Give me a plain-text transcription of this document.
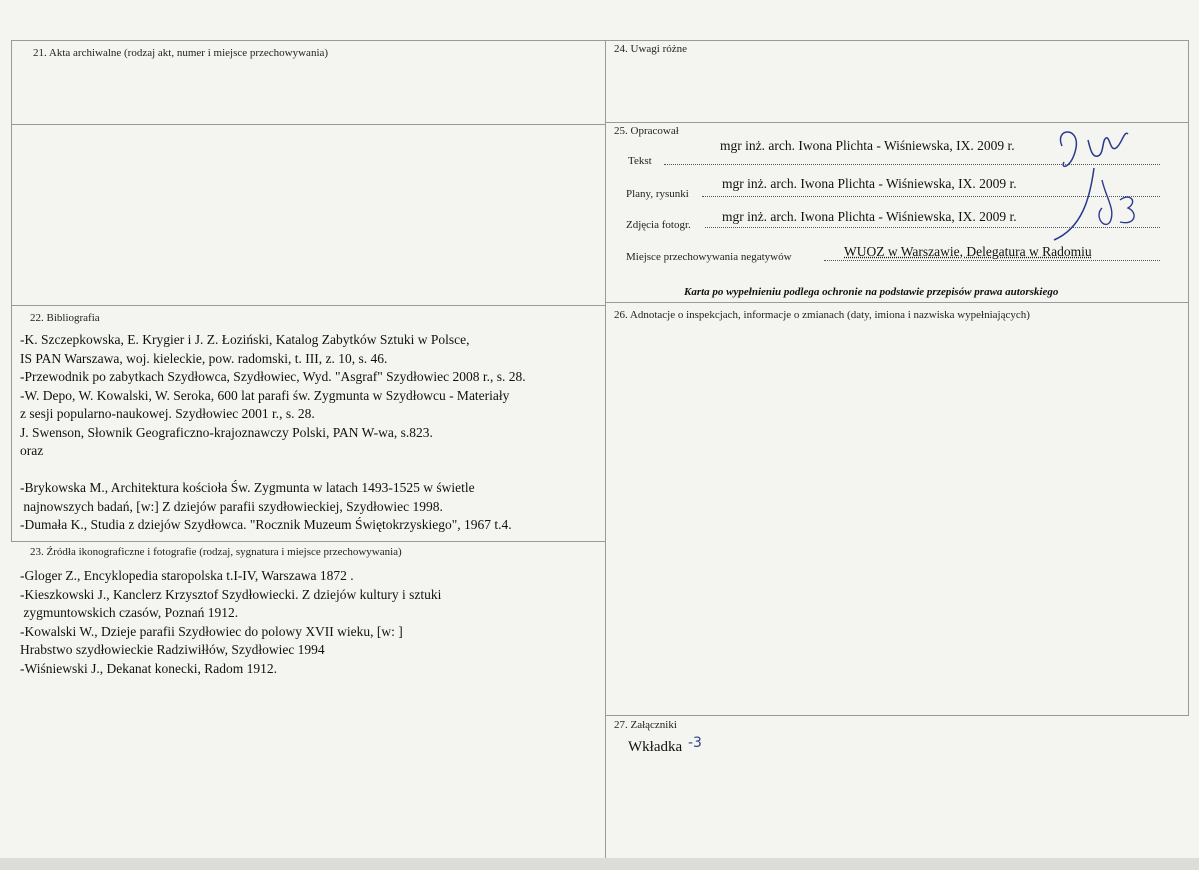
21. Akta archiwalne (rodzaj akt, numer i miejsce przechowywania)	24. Uwagi różne
25. Opracował
Tekst
mgr inż. arch. Iwona Plichta - Wiśniewska, IX. 2009 r.
Plany, rysunki
mgr inż. arch. Iwona Plichta - Wiśniewska, IX. 2009 r.
Zdjęcia fotogr.
mgr inż. arch. Iwona Plichta - Wiśniewska, IX. 2009 r.
Miejsce przechowywania negatywów	WUOZ w Warszawie, Delegatura w Radomiu
Karta po wypełnieniu podlega ochronie na podstawie przepisów prawa autorskiego
22. Bibliografia
-K. Szczepkowska, E. Krygier i J. Z. Łoziński, Katalog Zabytków Sztuki w Polsce,
IS PAN Warszawa, woj. kieleckie, pow. radomski, t. III, z. 10, s. 46.
-Przewodnik po zabytkach Szydłowca, Szydłowiec, Wyd. "Asgraf" Szydłowiec 2008 r., s. 28.
-W. Depo, W. Kowalski, W. Seroka, 600 lat parafi św. Zygmunta w Szydłowcu - Materiały
z sesji popularno-naukowej. Szydłowiec 2001 r., s. 28.
J. Swenson, Słownik Geograficzno-krajoznawczy Polski, PAN W-wa, s.823.
oraz
-Brykowska M., Architektura kościoła Św. Zygmunta w latach 1493-1525 w świetle
najnowszych badań, [w:] Z dziejów parafii szydłowieckiej, Szydłowiec 1998.
-Dumała K., Studia z dziejów Szydłowca. "Rocznik Muzeum Świętokrzyskiego", 1967 t.4.
23. Źródła ikonograficzne i fotografie (rodzaj, sygnatura i miejsce przechowywania)
-Gloger Z., Encyklopedia staropolska t.I-IV, Warszawa 1872 .
-Kieszkowski J., Kanclerz Krzysztof Szydłowiecki. Z dziejów kultury i sztuki
zygmuntowskich czasów, Poznań 1912.
-Kowalski W., Dzieje parafii Szydłowiec do polowy XVII wieku, [w: ]
Hrabstwo szydłowieckie Radziwiłłów, Szydłowiec 1994
-Wiśniewski J., Dekanat konecki, Radom 1912.
26. Adnotacje o inspekcjach, informacje o zmianach (daty, imiona i nazwiska wypełniających)
27. Załączniki
Wkładka -3
